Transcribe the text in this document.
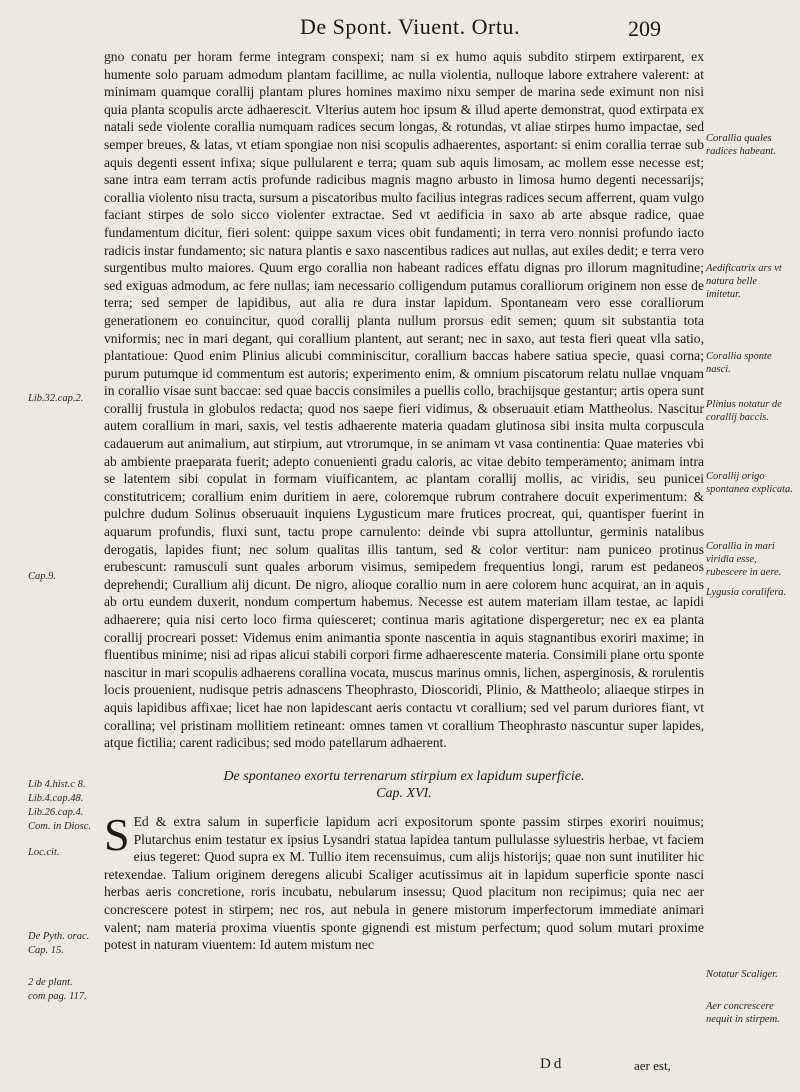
De Spont. Viuent. Ortu.	209

gno conatu per horam ferme integram conspexi; nam si ex humo aquis subdito stirpem extirparent, ex humente solo paruam admodum plantam facillime, ac nulla violentia, nulloque labore extrahere valerent: at minimam quamque corallij plantam plures homines maximo nixu semper de marina sede eximunt non nisi quia planta scopulis arcte adhaerescit. Vlterius autem hoc ipsum & illud aperte demonstrat, quod extirpata ex natali sede violente corallia numquam radices secum longas, & rotundas, vt aliae stirpes humo impactae, sed semper breues, & latas, vt etiam spongiae non nisi scopulis adhaerentes, asportant: si enim corallia terrae sub aquis degenti essent infixa; sique pullularent e terra; quam sub aquis limosam, ac mollem esse necesse est; sane intra eam terram actis profunde radicibus magnis magno arbusto in limosa humo degenti necessarijs; corallia violento nisu tracta, sursum a piscatoribus multo facilius integras radices secum afferrent, quam vulgo faciant stirpes de solo sicco violenter extractae. Sed vt aedificia in saxo ab arte absque radice, quae fundamentum dicitur, fieri solent: quippe saxum vices obit fundamenti; in terra vero nonnisi profundo iacto radicis instar fundamento; sic natura plantis e saxo nascentibus radices aut nullas, aut exiles dedit; e terra vero surgentibus multo maiores. Quum ergo corallia non habeant radices effatu dignas pro illorum magnitudine; sed exiguas admodum, ac fere nullas; iam necessario colligendum putamus coralliorum originem non esse de terra; sed semper de lapidibus, aut alia re dura instar lapidum. Spontaneam vero esse coralliorum generationem eo conuincitur, quod corallij planta nullum prorsus edit semen; quum sit substantia tota vniformis; nec in mari degant, qui corallium plantent, aut serant; nec in saxo, aut testa fieri queat vlla satio, plantatioue: Quod enim Plinius alicubi comminiscitur, corallium baccas habere satiua specie, quasi corna; purum putumque id commentum est autoris; experimento enim, & omnium piscatorum relatu nullae vnquam in corallio visae sunt baccae: sed quae baccis consimiles a puellis collo, brachijsque gestantur; artis opera sunt corallij frustula in globulos redacta; quod nos saepe fieri vidimus, & obseruauit etiam Mattheolus. Nascitur autem corallium in mari, saxis, vel testis adhaerente materia quadam glutinosa sibi insita multa corpuscula cadauerum aut animalium, aut stirpium, aut vtrorumque, in se animam vt vasa continentia: Quae materies vbi ab ambiente praeparata fuerit; adepto conuenienti gradu caloris, ac vitae debito temperamento; animam intra se latentem sibi copulat in formam viuificantem, ac plantam corallij mollis, ac viridis, seu punicei constitutricem; corallium enim duritiem in aere, coloremque rubrum contrahere docuit experimentum: & pulchre dudum Solinus obseruauit inquiens Lygusticum mare frutices procreat, qui, quantisper fuerint in aquarum profundis, fluxi sunt, tactu prope carnulento: deinde vbi supra attolluntur, germinis natalibus derogatis, lapides fiunt; nec solum qualitas illis tantum, sed & color vertitur: nam puniceo protinus erubescunt: ramusculi sunt quales arborum visimus, semipedem frequentius longi, rarum est pedaneos deprehendi; Curallium alij dicunt. De nigro, alioque corallio num in aere colorem hunc acquirat, an in aquis ab ortu eundem duxerit, nondum compertum habemus. Necesse est autem materiam illam testae, ac lapidi adhaerere; quia nisi certo loco firma quiesceret; continua maris agitatione dispergeretur; nec ex ea planta corallij procreari posset: Videmus enim animantia sponte nascentia in aquis stagnantibus exoriri maxime; in fluentibus minime; nisi ad ripas alicui stabili corpori firme adhaerescente materia. Consimili plane ortu sponte nascitur in mari scopulis adhaerens corallina vocata, muscus marinus omnis, lichen, asperginosis, & rorulentis locis prouenient, nudisque petris adnascens Theophrasto, Dioscoridi, Plinio, & Mattheolo; aliaeque stirpes in aquis lapidibus affixae; licet hae non lapidescant aeris contactu vt corallium; sed vel parum duriores fiant, vt corallina; vel pristinam mollitiem retineant: omnes tamen vt corallium Theophrasto nascuntur super lapides, atque fictilia; carent radicibus; sed modo patellarum adhaerent.

De spontaneo exortu terrenarum stirpium ex lapidum superficie.
Cap. XVI.

S Ed & extra salum in superficie lapidum acri expositorum sponte passim stirpes exoriri nouimus; Plutarchus enim testatur ex ipsius Lysandri statua lapidea tantum pullulasse syluestris herbae, vt faciem eius tegeret: Quod supra ex M. Tullio item recensuimus, cum alijs historijs; quae non sunt inutiliter hic retexendae. Talium originem deregens alicubi Scaliger acutissimus ait in lapidum superficie sponte nasci herbas aeris concretione, roris incubatu, nebularum insessu; Quod placitum non recipimus; quia nec aer concrescere potest in stirpem; nec ros, aut nebula in genere mistorum imperfectorum immediate animari valent; nam materia proxima viuentis sponte gignendi est mistum perfectum; quod solum mutari proxime potest in naturam viuentem: Id autem mistum nec

Corallia quales radices habeant.
Aedificatrix ars vt natura belle imitetur.
Corallia sponte nasci.
Plinius notatur de corallij baccis.
Corallij origo spontanea explicata.
Corallia in mari viridia esse, rubescere in aere.
Lygusia coralifera.
Notatur Scaliger.
Aer concrescere nequit in stirpem.
Lib.32.cap.2.
Cap.9.
Lib 4.hist.c 8.
Lib.4.cap.48.
Lib.26.cap.4.
Com. in Diosc.
Loc.cit.
De Pyth. orac.
Cap. 15.
2 de plant.
com pag. 117.
Dd	aer est,
